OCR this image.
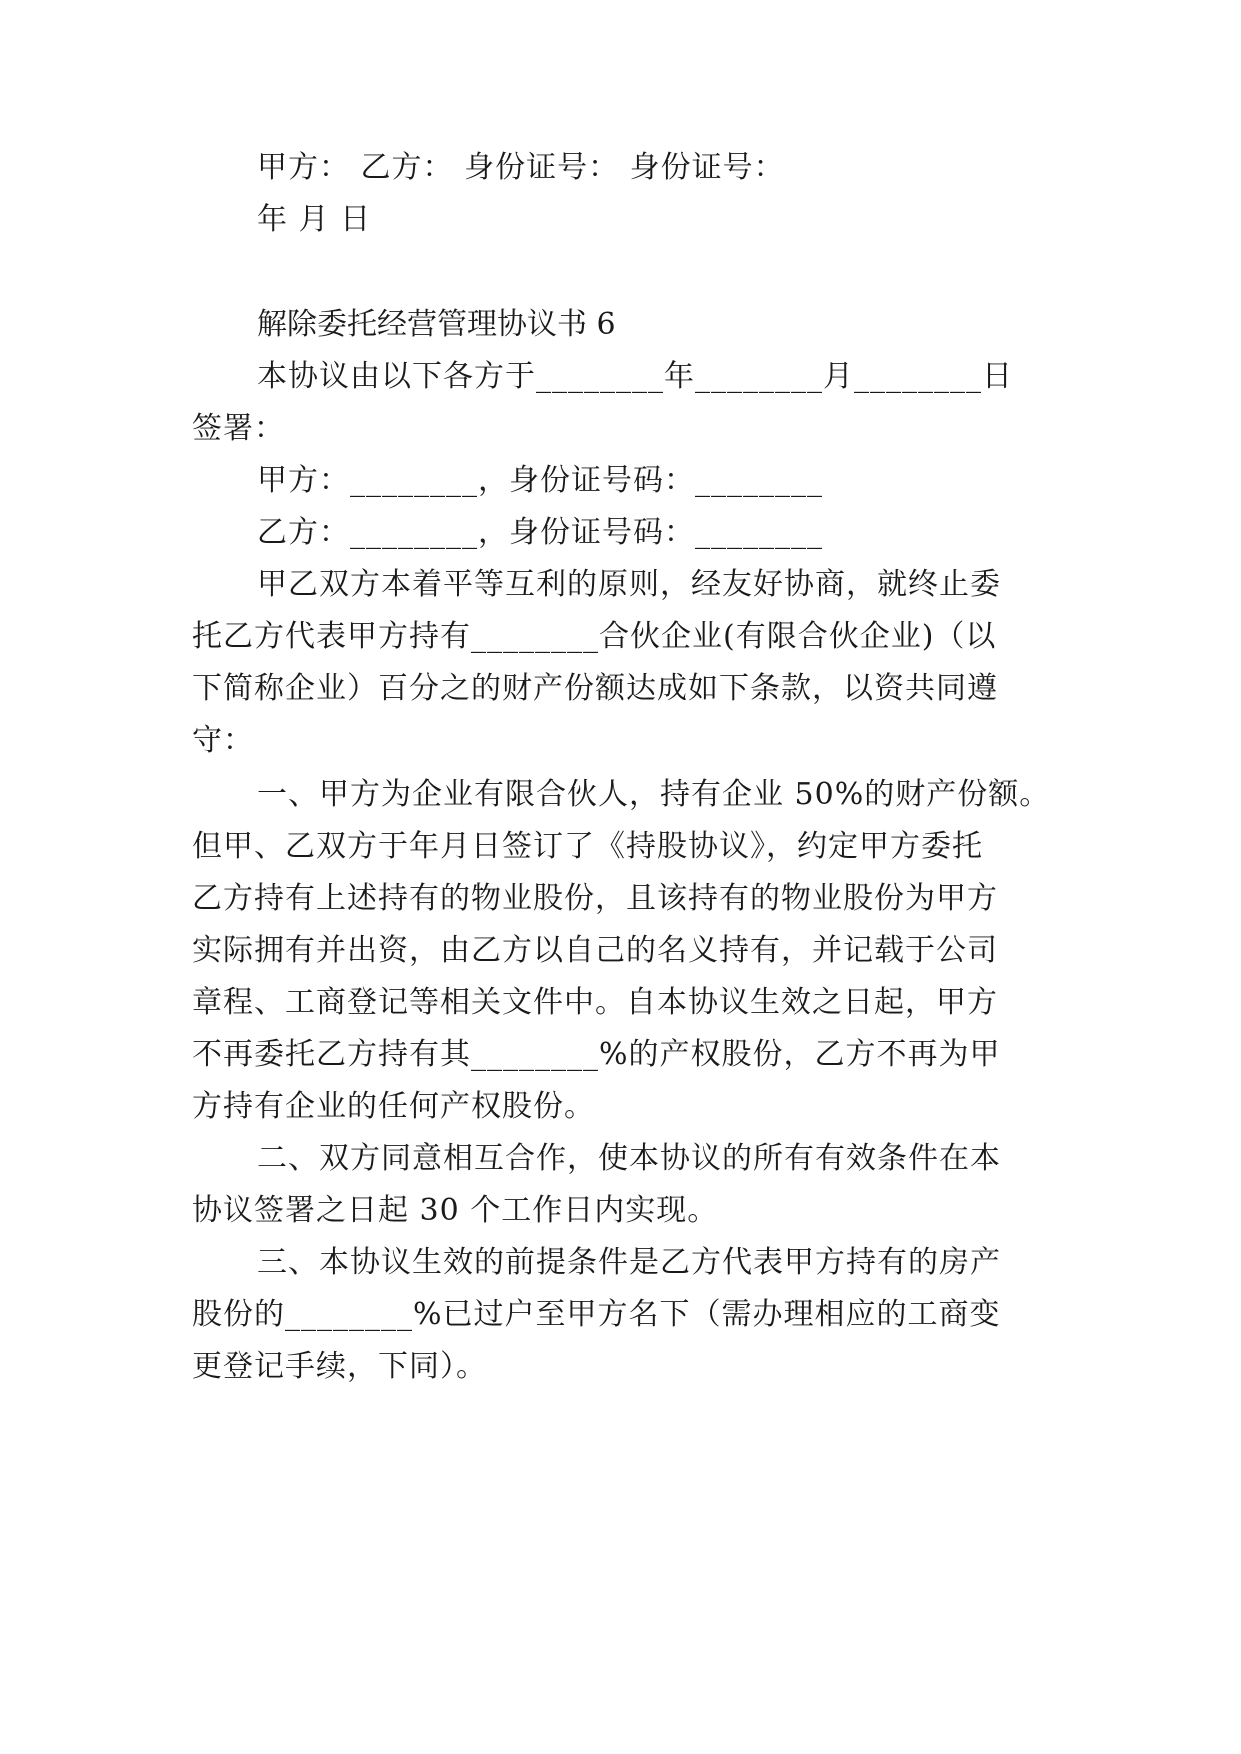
甲方： 乙方： 身份证号： 身份证号：
年 月 日
解除委托经营管理协议书 6
本协议由以下各方于________年________月________日
签署：
甲方：________，身份证号码：________
乙方：________，身份证号码：________
甲乙双方本着平等互利的原则，经友好协商，就终止委
托乙方代表甲方持有________合伙企业(有限合伙企业)（以
下简称企业）百分之的财产份额达成如下条款，以资共同遵
守：
一、甲方为企业有限合伙人，持有企业 50%的财产份额。
但甲、乙双方于年月日签订了《持股协议》，约定甲方委托
乙方持有上述持有的物业股份，且该持有的物业股份为甲方
实际拥有并出资，由乙方以自己的名义持有，并记载于公司
章程、工商登记等相关文件中。自本协议生效之日起，甲方
不再委托乙方持有其________%的产权股份，乙方不再为甲
方持有企业的任何产权股份。
二、双方同意相互合作，使本协议的所有有效条件在本
协议签署之日起 30 个工作日内实现。
三、本协议生效的前提条件是乙方代表甲方持有的房产
股份的________%已过户至甲方名下（需办理相应的工商变
更登记手续，下同）。
